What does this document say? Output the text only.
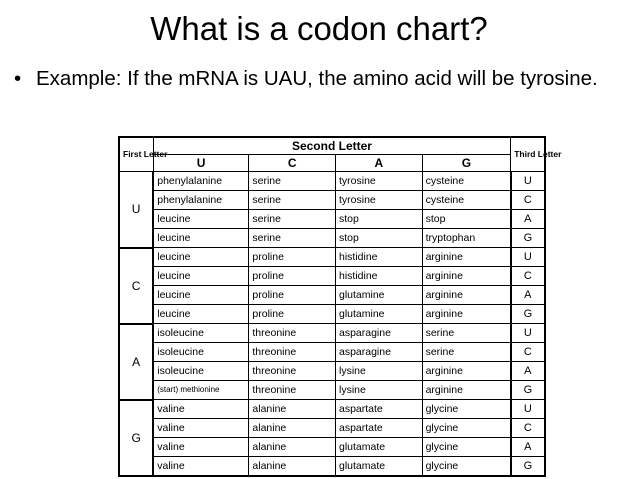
What is a codon chart?
• Example: If the mRNA is UAU, the amino acid will be tyrosine.
First Letter	Second Letter				Third Letter
	U	C	A	G	
U	phenylalanine	serine	tyrosine	cysteine	U
	phenylalanine	serine	tyrosine	cysteine	C
	leucine	serine	stop	stop	A
	leucine	serine	stop	tryptophan	G
C	leucine	proline	histidine	arginine	U
	leucine	proline	histidine	arginine	C
	leucine	proline	glutamine	arginine	A
	leucine	proline	glutamine	arginine	G
A	isoleucine	threonine	asparagine	serine	U
	isoleucine	threonine	asparagine	serine	C
	isoleucine	threonine	lysine	arginine	A
	(start) methionine	threonine	lysine	arginine	G
G	valine	alanine	aspartate	glycine	U
	valine	alanine	aspartate	glycine	C
	valine	alanine	glutamate	glycine	A
	valine	alanine	glutamate	glycine	G
